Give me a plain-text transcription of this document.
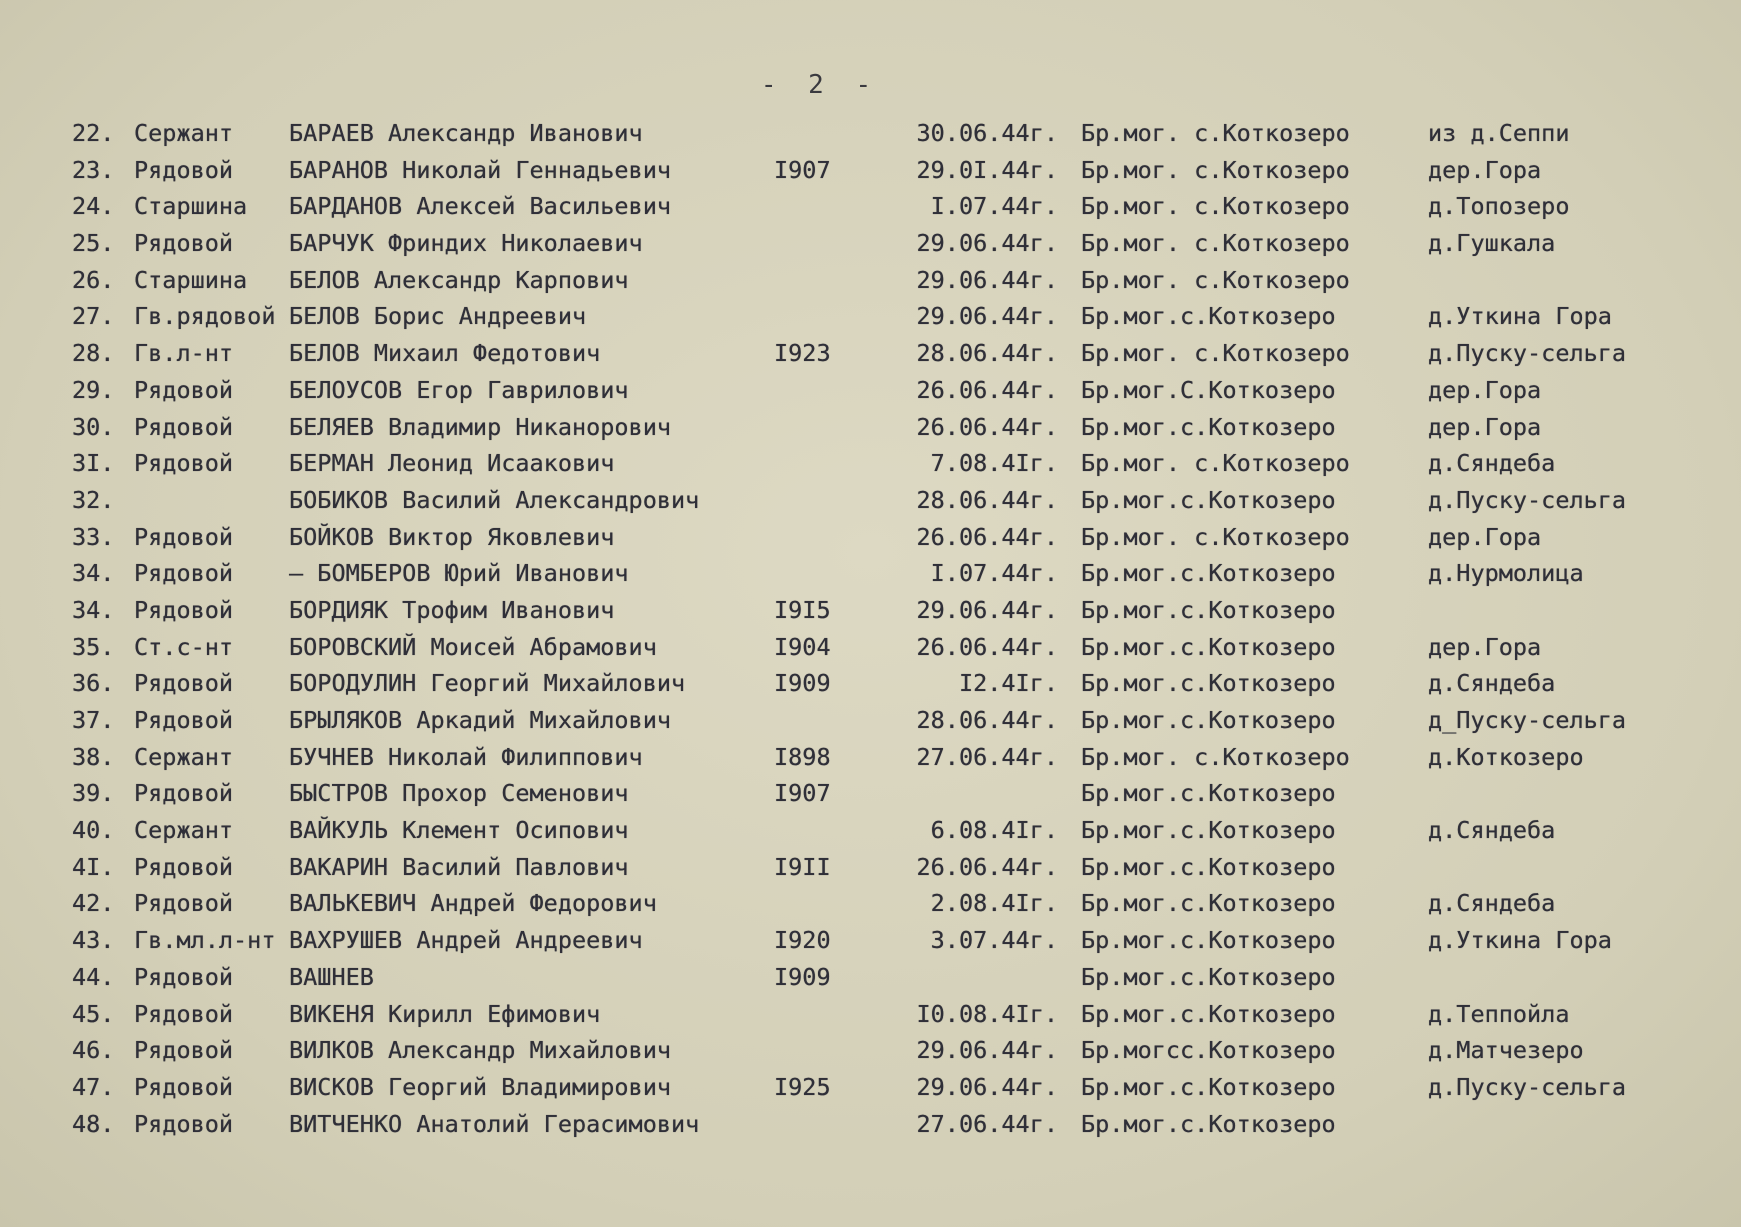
- 2 -
22. Сержант	БАРАЕВ Александр Иванович	30.06.44г. Бр.мог. с.Коткозеро	из д.Сеппи
23. Рядовой	БАРАНОВ Николай Геннадьевич	I907	29.0I.44г. Бр.мог. с.Коткозеро	дер.Гора
24. Старшина	БАРДАНОВ Алексей Васильевич	I.07.44г. Бр.мог. с.Коткозеро	д.Топозеро
25. Рядовой	БАРЧУК Фриндих Николаевич	29.06.44г. Бр.мог. с.Коткозеро	д.Гушкала
26. Старшина	БЕЛОВ Александр Карпович	29.06.44г. Бр.мог. с.Коткозеро
27. Гв.рядовой БЕЛОВ Борис Андреевич	29.06.44г. Бр.мог.с.Коткозеро	д.Уткина Гора
28. Гв.л-нт	БЕЛОВ Михаил Федотович	I923	28.06.44г. Бр.мог. с.Коткозеро	д.Пуску-сельга
29. Рядовой	БЕЛОУСОВ Егор Гаврилович	26.06.44г. Бр.мог.С.Коткозеро	дер.Гора
30. Рядовой	БЕЛЯЕВ Владимир Никанорович	26.06.44г. Бр.мог.с.Коткозеро	дер.Гора
3I. Рядовой	БЕРМАН Леонид Исаакович	7.08.4Iг. Бр.мог. с.Коткозеро	д.Сяндеба
32.	БОБИКОВ Василий Александрович	28.06.44г. Бр.мог.с.Коткозеро	д.Пуску-сельга
33. Рядовой	БОЙКОВ Виктор Яковлевич	26.06.44г. Бр.мог. с.Коткозеро	дер.Гора
34. Рядовой	– БОМБЕРОВ Юрий Иванович	I.07.44г. Бр.мог.с.Коткозеро	д.Нурмолица
34. Рядовой	БОРДИЯК Трофим Иванович	I9I5	29.06.44г. Бр.мог.с.Коткозеро
35. Ст.с-нт	БОРОВСКИЙ Моисей Абрамович	I904	26.06.44г. Бр.мог.с.Коткозеро	дер.Гора
36. Рядовой	БОРОДУЛИН Георгий Михайлович	I909	I2.4Iг. Бр.мог.с.Коткозеро	д.Сяндеба
37. Рядовой	БРЫЛЯКОВ Аркадий Михайлович	28.06.44г. Бр.мог.с.Коткозеро	д_Пуску-сельга
38. Сержант	БУЧНЕВ Николай Филиппович	I898	27.06.44г. Бр.мог. с.Коткозеро	д.Коткозеро
39. Рядовой	БЫСТРОВ Прохор Семенович	I907	Бр.мог.с.Коткозеро
40. Сержант	ВАЙКУЛЬ Клемент Осипович	6.08.4Iг. Бр.мог.с.Коткозеро	д.Сяндеба
4I. Рядовой	ВАКАРИН Василий Павлович	I9II	26.06.44г. Бр.мог.с.Коткозеро
42. Рядовой	ВАЛЬКЕВИЧ Андрей Федорович	2.08.4Iг. Бр.мог.с.Коткозеро	д.Сяндеба
43. Гв.мл.л-нт ВАХРУШЕВ Андрей Андреевич	I920	3.07.44г. Бр.мог.с.Коткозеро	д.Уткина Гора
44. Рядовой	ВАШНЕВ	I909	Бр.мог.с.Коткозеро
45. Рядовой	ВИКЕНЯ Кирилл Ефимович	I0.08.4Iг. Бр.мог.с.Коткозеро	д.Теппойла
46. Рядовой	ВИЛКОВ Александр Михайлович	29.06.44г. Бр.могсс.Коткозеро	д.Матчезеро
47. Рядовой	ВИСКОВ Георгий Владимирович	I925	29.06.44г. Бр.мог.с.Коткозеро	д.Пуску-сельга
48. Рядовой	ВИТЧЕНКО Анатолий Герасимович	27.06.44г. Бр.мог.с.Коткозеро
